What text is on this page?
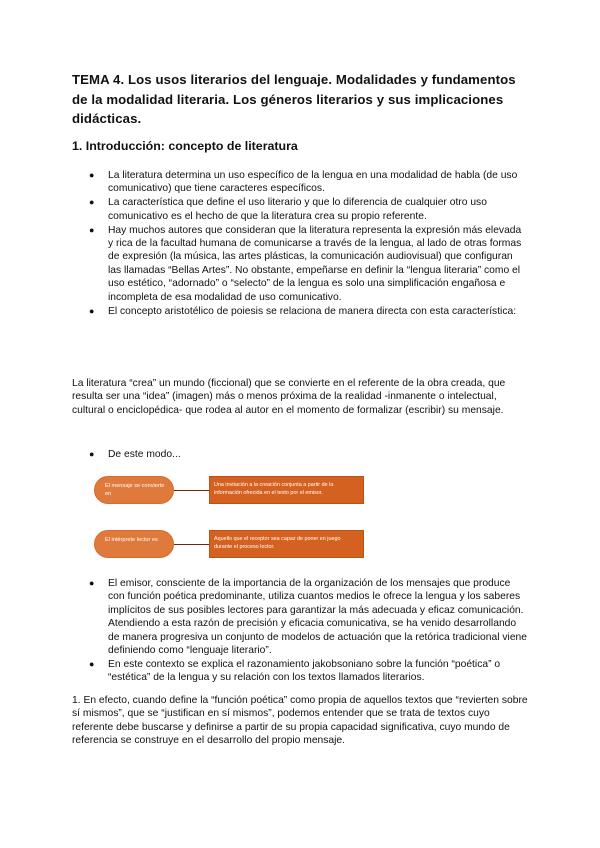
TEMA 4. Los usos literarios del lenguaje. Modalidades y fundamentos de la modalidad literaria. Los géneros literarios y sus implicaciones didácticas.
1. Introducción: concepto de literatura
● La literatura determina un uso específico de la lengua en una modalidad de habla (de uso comunicativo) que tiene caracteres específicos.
● La característica que define el uso literario y que lo diferencia de cualquier otro uso comunicativo es el hecho de que la literatura crea su propio referente.
● Hay muchos autores que consideran que la literatura representa la expresión más elevada y rica de la facultad humana de comunicarse a través de la lengua, al lado de otras formas de expresión (la música, las artes plásticas, la comunicación audiovisual) que configuran las llamadas “Bellas Artes”. No obstante, empeñarse en definir la “lengua literaria” como el uso estético, “adornado” o “selecto” de la lengua es solo una simplificación engañosa e incompleta de esa modalidad de uso comunicativo.
● El concepto aristotélico de poiesis se relaciona de manera directa con esta característica:

La literatura “crea” un mundo (ficcional) que se convierte en el referente de la obra creada, que resulta ser una “idea” (imagen) más o menos próxima de la realidad -inmanente o intelectual, cultural o enciclopédica- que rodea al autor en el momento de formalizar (escribir) su mensaje.

● De este modo...
El mensaje se convierte en
Una invitación a la creación conjunta a partir de la información ofrecida en el texto por el emisor.
El intérprete lector es	Aquello que el receptor sea capaz de poner en juego durante el proceso lector.
● El emisor, consciente de la importancia de la organización de los mensajes que produce con función poética predominante, utiliza cuantos medios le ofrece la lengua y los saberes implícitos de sus posibles lectores para garantizar la más adecuada y eficaz comunicación. Atendiendo a esta razón de precisión y eficacia comunicativa, se ha venido desarrollando de manera progresiva un conjunto de modelos de actuación que la retórica tradicional viene definiendo como “lenguaje literario”.
● En este contexto se explica el razonamiento jakobsoniano sobre la función “poética” o “estética” de la lengua y su relación con los textos llamados literarios.

1. En efecto, cuando define la “función poética” como propia de aquellos textos que “revierten sobre sí mismos”, que se “justifican en sí mismos”, podemos entender que se trata de textos cuyo referente debe buscarse y definirse a partir de su propia capacidad significativa, cuyo mundo de referencia se construye en el desarrollo del propio mensaje.
